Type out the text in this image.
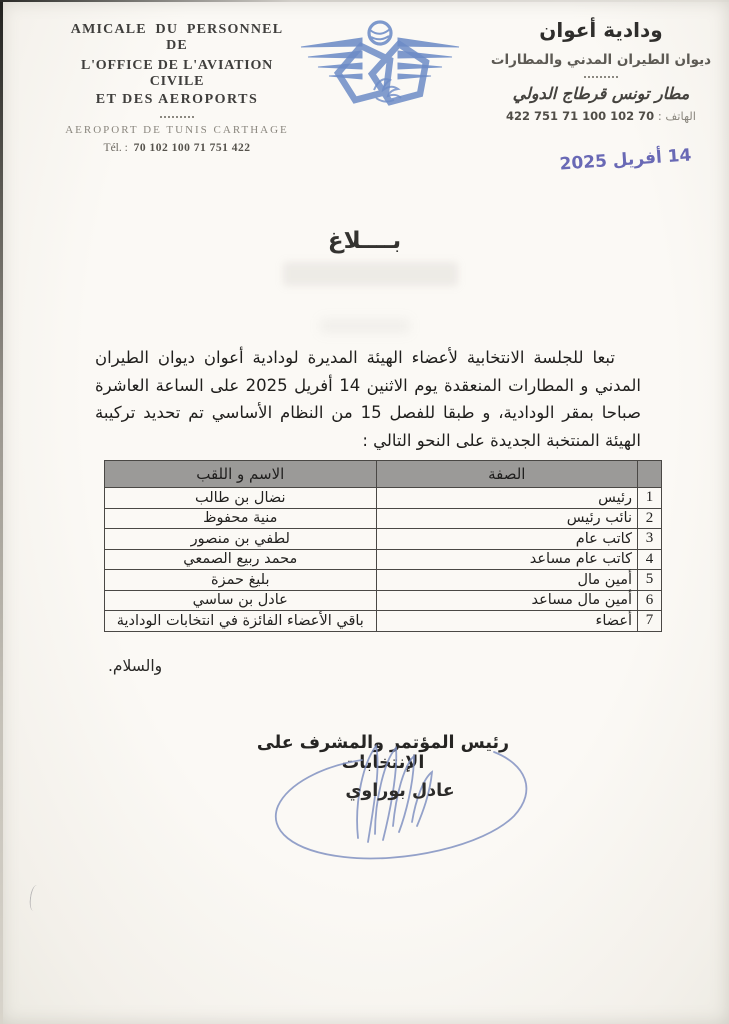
AMICALE DU PERSONNEL DE
L'OFFICE DE L'AVIATION CIVILE
ET DES AEROPORTS
AEROPORT DE TUNIS CARTHAGE
Tél. : 70 102 100 71 751 422
ودادية أعوان
ديوان الطيران المدني والمطارات
مطار تونس قرطاج الدولي
الهاتف : 70 102 100 71 751 422
14 أفريل 2025
بــــلاغ
تبعا للجلسة الانتخابية لأعضاء الهيئة المديرة لودادية أعوان ديوان الطيران المدني و المطارات المنعقدة يوم الاثنين 14 أفريل 2025 على الساعة العاشرة صباحا بمقر الودادية، و طبقا للفصل 15 من النظام الأساسي تم تحديد تركيبة الهيئة المنتخبة الجديدة على النحو التالي :
	الصفة	الاسم و اللقب
1	رئيس	نضال بن طالب
2	نائب رئيس	منية محفوظ
3	كاتب عام	لطفي بن منصور
4	كاتب عام مساعد	محمد ربيع الصمعي
5	أمين مال	بليغ حمزة
6	أمين مال مساعد	عادل بن ساسي
7	أعضاء	باقي الأعضاء الفائزة في انتخابات الودادية
والسلام.
رئيس المؤتمر والمشرف على الإنتخابات
عادل بوراوي
